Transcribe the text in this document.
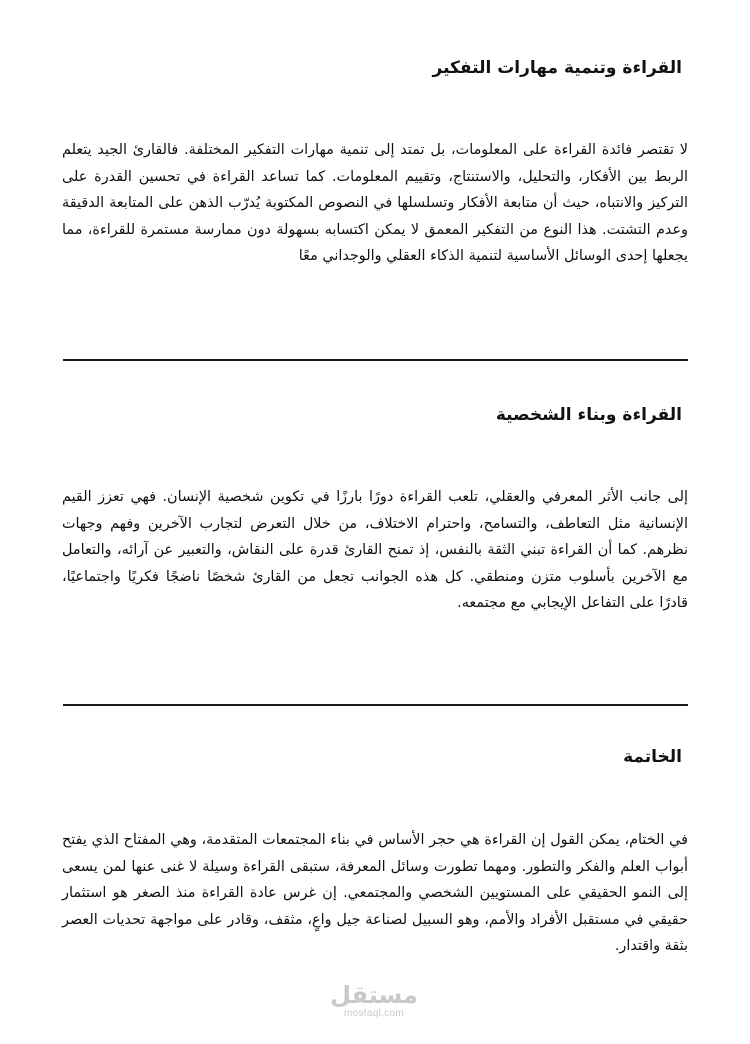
القراءة وتنمية مهارات التفكير

لا تقتصر فائدة القراءة على المعلومات، بل تمتد إلى تنمية مهارات التفكير المختلفة. فالقارئ الجيد يتعلم الربط بين الأفكار، والتحليل، والاستنتاج، وتقييم المعلومات. كما تساعد القراءة في تحسين القدرة على التركيز والانتباه، حيث أن متابعة الأفكار وتسلسلها في النصوص المكتوبة يُدرّب الذهن على المتابعة الدقيقة وعدم التشتت. هذا النوع من التفكير المعمق لا يمكن اكتسابه بسهولة دون ممارسة مستمرة للقراءة، مما يجعلها إحدى الوسائل الأساسية لتنمية الذكاء العقلي والوجداني معًا

القراءة وبناء الشخصية

إلى جانب الأثر المعرفي والعقلي، تلعب القراءة دورًا بارزًا في تكوين شخصية الإنسان. فهي تعزز القيم الإنسانية مثل التعاطف، والتسامح، واحترام الاختلاف، من خلال التعرض لتجارب الآخرين وفهم وجهات نظرهم. كما أن القراءة تبني الثقة بالنفس، إذ تمنح القارئ قدرة على النقاش، والتعبير عن آرائه، والتعامل مع الآخرين بأسلوب متزن ومنطقي. كل هذه الجوانب تجعل من القارئ شخصًا ناضجًا فكريًا واجتماعيًا، قادرًا على التفاعل الإيجابي مع مجتمعه.

الخاتمة

في الختام، يمكن القول إن القراءة هي حجر الأساس في بناء المجتمعات المتقدمة، وهي المفتاح الذي يفتح أبواب العلم والفكر والتطور. ومهما تطورت وسائل المعرفة، ستبقى القراءة وسيلة لا غنى عنها لمن يسعى إلى النمو الحقيقي على المستويين الشخصي والمجتمعي. إن غرس عادة القراءة منذ الصغر هو استثمار حقيقي في مستقبل الأفراد والأمم، وهو السبيل لصناعة جيل واعٍ، مثقف، وقادر على مواجهة تحديات العصر بثقة واقتدار.

مستقل
mostaql.com
